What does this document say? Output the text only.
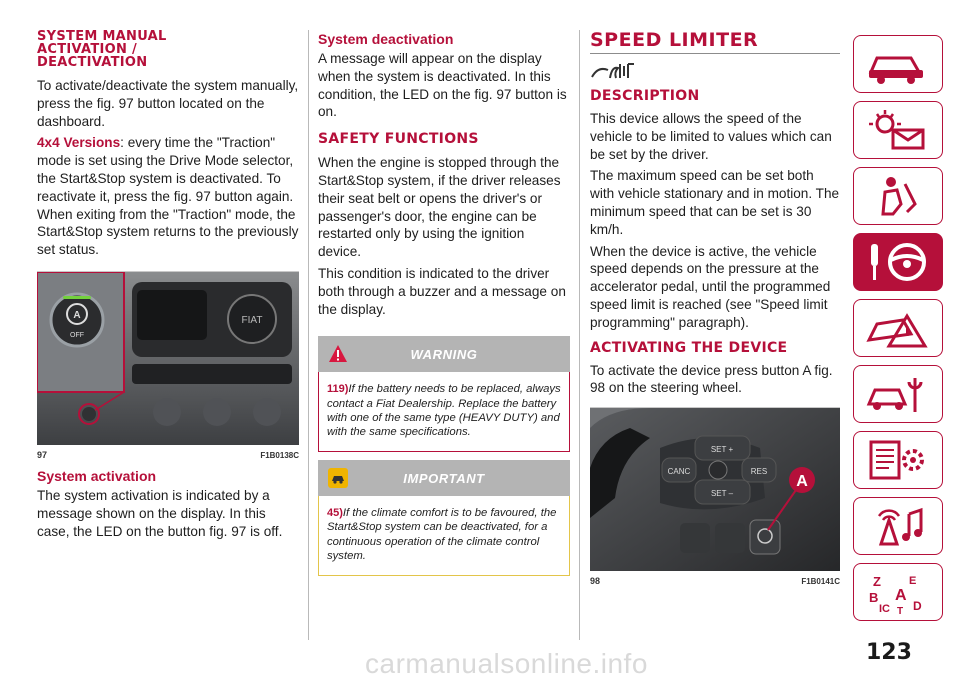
SYSTEM MANUAL ACTIVATION / DEACTIVATION

To activate/deactivate the system manually, press the fig. 97 button located on the dashboard.

4x4 Versions: every time the "Traction" mode is set using the Drive Mode selector, the Start&Stop system is deactivated. To reactivate it, press the fig. 97 button again. When exiting from the "Traction" mode, the Start&Stop system returns to the previously set status.

FIAT
A
OFF
97	F1B0138C
System activation
The system activation is indicated by a message shown on the display. In this case, the LED on the button fig. 97 is off.
System deactivation
A message will appear on the display when the system is deactivated. In this condition, the LED on the fig. 97 button is on.
SAFETY FUNCTIONS

When the engine is stopped through the Start&Stop system, if the driver releases their seat belt or opens the driver's or passenger's door, the engine can be restarted only by using the ignition device.

This condition is indicated to the driver both through a buzzer and a message on the display.

WARNING
119)If the battery needs to be replaced, always contact a Fiat Dealership. Replace the battery with one of the same type (HEAVY DUTY) and with the same specifications.
IMPORTANT
45)If the climate comfort is to be favoured, the Start&Stop system can be deactivated, for a continuous operation of the climate control system.
SPEED LIMITER
DESCRIPTION

This device allows the speed of the vehicle to be limited to values which can be set by the driver.

The maximum speed can be set both with vehicle stationary and in motion. The minimum speed that can be set is 30 km/h.

When the device is active, the vehicle speed depends on the pressure at the accelerator pedal, until the programmed speed limit is reached (see "Speed limit programming" paragraph).

ACTIVATING THE DEVICE
To activate the device press button A fig. 98 on the steering wheel.
SET +
CANC	RES
SET –
A
98	F1B0141C	Z	E
B A
IC D
T
123
carmanualsonline.info
